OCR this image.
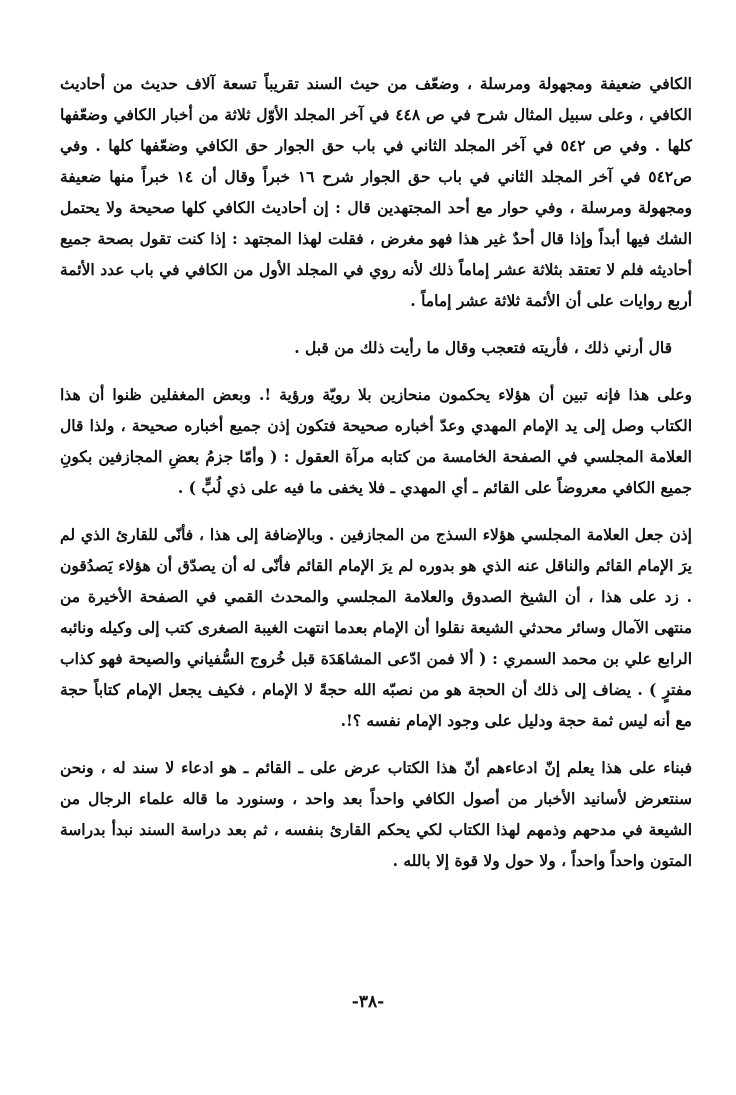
الكافي ضعيفة ومجهولة ومرسلة ، وضعّف من حيث السند تقريباً تسعة آلاف حديث من أحاديث الكافي ، وعلى سبيل المثال شرح في ص ٤٤٨ في آخر المجلد الأوّل ثلاثة من أخبار الكافي وضعّفها كلها . وفي ص ٥٤٢ في آخر المجلد الثاني في باب حق الجوار حق الكافي وضعّفها كلها . وفي ص٥٤٢ في آخر المجلد الثاني في باب حق الجوار شرح ١٦ خبراً وقال أن ١٤ خبراً منها ضعيفة ومجهولة ومرسلة ، وفي حوار مع أحد المجتهدين قال : إن أحاديث الكافي كلها صحيحة ولا يحتمل الشك فيها أبداً وإذا قال أحدٌ غير هذا فهو مغرض ، فقلت لهذا المجتهد : إذا كنت تقول بصحة جميع أحاديثه فلم لا تعتقد بثلاثة عشر إماماً ذلك لأنه روي في المجلد الأول من الكافي في باب عدد الأئمة أربع روايات على أن الأئمة ثلاثة عشر إماماً .

قال أرني ذلك ، فأريته فتعجب وقال ما رأيت ذلك من قبل .

وعلى هذا فإنه تبين أن هؤلاء يحكمون منحازين بلا رويّة ورؤية !. وبعض المغفلين ظنوا أن هذا الكتاب وصل إلى يد الإمام المهدي وعدّ أخباره صحيحة فتكون إذن جميع أخباره صحيحة ، ولذا قال العلامة المجلسي في الصفحة الخامسة من كتابه مرآة العقول : ( وأمّا جزمُ بعضِ المجازفين بكونِ جميع الكافي معروضاً على القائم ـ أي المهدي ـ فلا يخفى ما فيه على ذي لُبٍّ ) .

إذن جعل العلامة المجلسي هؤلاء السذج من المجازفين . وبالإضافة إلى هذا ، فأنّى للقارئ الذي لم يرَ الإمام القائم والناقل عنه الذي هو بدوره لم يرَ الإمام القائم فأنّى له أن يصدّق أن هؤلاء يَصدُقون . زد على هذا ، أن الشيخ الصدوق والعلامة المجلسي والمحدث القمي في الصفحة الأخيرة من منتهى الآمال وسائر محدثي الشيعة نقلوا أن الإمام بعدما انتهت الغيبة الصغرى كتب إلى وكيله ونائبه الرابع علي بن محمد السمري : ( ألا فمن ادّعى المشاهَدَة قبل خُروج السُّفياني والصيحة فهو كذاب مفترٍ ) . يضاف إلى ذلك أن الحجة هو من نصبّه الله حجةً لا الإمام ، فكيف يجعل الإمام كتاباً حجة مع أنه ليس ثمة حجة ودليل على وجود الإمام نفسه ؟!.

فبناء على هذا يعلم إنّ ادعاءهم أنّ هذا الكتاب عرض على ـ القائم ـ هو ادعاء لا سند له ، ونحن سنتعرض لأسانيد الأخبار من أصول الكافي واحداً بعد واحد ، وسنورد ما قاله علماء الرجال من الشيعة في مدحهم وذمهم لهذا الكتاب لكي يحكم القارئ بنفسه ، ثم بعد دراسة السند نبدأ بدراسة المتون واحداً واحداً ، ولا حول ولا قوة إلا بالله .

-٣٨-
